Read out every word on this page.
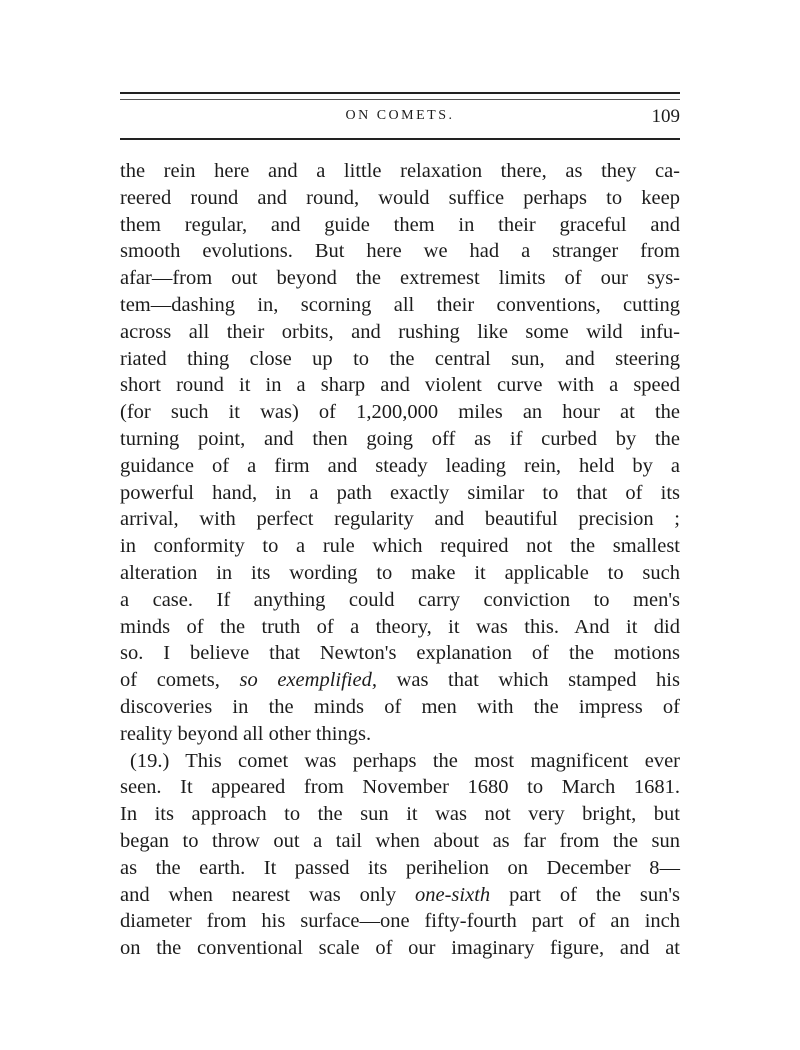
ON COMETS.	109
the rein here and a little relaxation there, as they ca-
reered round and round, would suffice perhaps to keep
them regular, and guide them in their graceful and
smooth evolutions. But here we had a stranger from
afar—from out beyond the extremest limits of our sys-
tem—dashing in, scorning all their conventions, cutting
across all their orbits, and rushing like some wild infu-
riated thing close up to the central sun, and steering
short round it in a sharp and violent curve with a speed
(for such it was) of 1,200,000 miles an hour at the
turning point, and then going off as if curbed by the
guidance of a firm and steady leading rein, held by a
powerful hand, in a path exactly similar to that of its
arrival, with perfect regularity and beautiful precision ;
in conformity to a rule which required not the smallest
alteration in its wording to make it applicable to such
a case. If anything could carry conviction to men's
minds of the truth of a theory, it was this. And it did
so. I believe that Newton's explanation of the motions
of comets, so exemplified, was that which stamped his
discoveries in the minds of men with the impress of
reality beyond all other things.
(19.) This comet was perhaps the most magnificent ever
seen. It appeared from November 1680 to March 1681.
In its approach to the sun it was not very bright, but
began to throw out a tail when about as far from the sun
as the earth. It passed its perihelion on December 8—
and when nearest was only one-sixth part of the sun's
diameter from his surface—one fifty-fourth part of an inch
on the conventional scale of our imaginary figure, and at
